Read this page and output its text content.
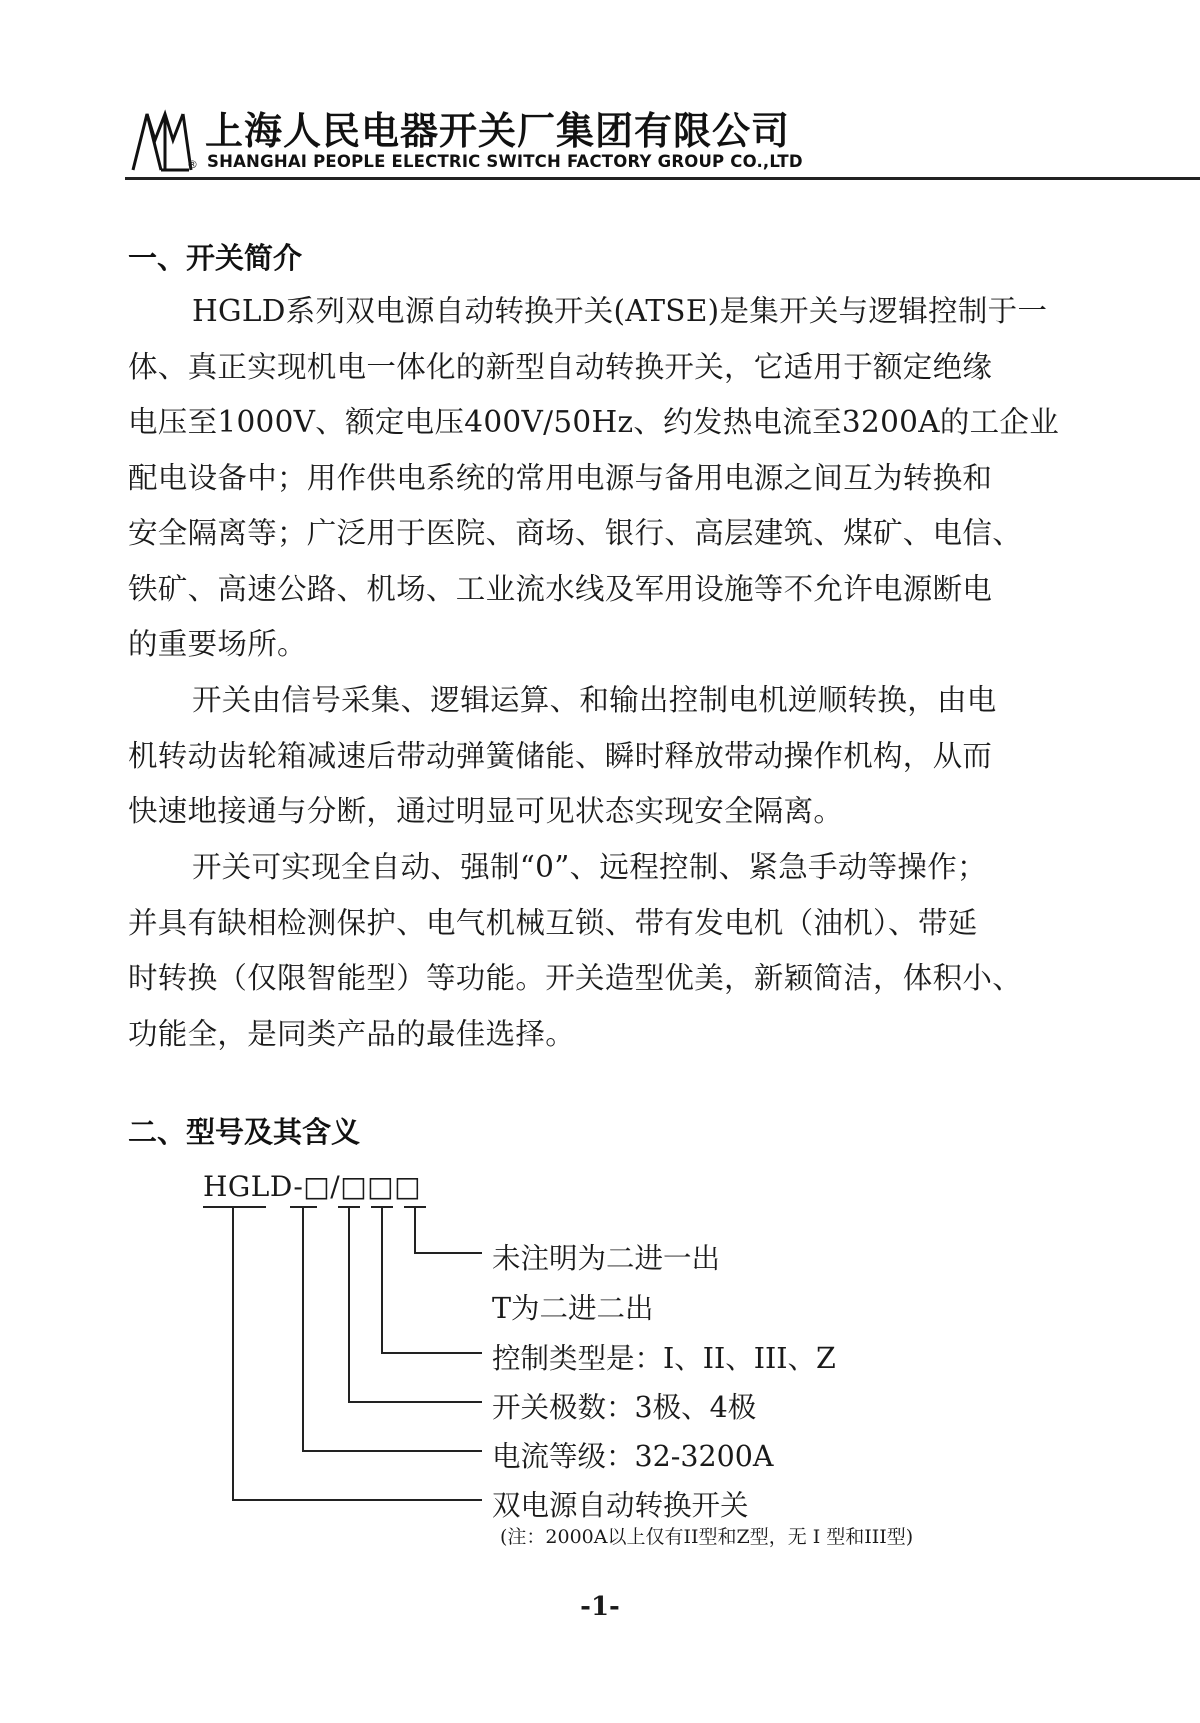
®
上海人民电器开关厂集团有限公司
SHANGHAI PEOPLE ELECTRIC SWITCH FACTORY GROUP CO.,LTD
一、开关简介
HGLD系列双电源自动转换开关(ATSE)是集开关与逻辑控制于一
体、真正实现机电一体化的新型自动转换开关，它适用于额定绝缘
电压至1000V、额定电压400V/50Hz、约发热电流至3200A的工企业
配电设备中；用作供电系统的常用电源与备用电源之间互为转换和
安全隔离等；广泛用于医院、商场、银行、高层建筑、煤矿、电信、
铁矿、高速公路、机场、工业流水线及军用设施等不允许电源断电
的重要场所。
开关由信号采集、逻辑运算、和输出控制电机逆顺转换，由电
机转动齿轮箱减速后带动弹簧储能、瞬时释放带动操作机构，从而
快速地接通与分断，通过明显可见状态实现安全隔离。
开关可实现全自动、强制“0”、远程控制、紧急手动等操作；
并具有缺相检测保护、电气机械互锁、带有发电机（油机）、带延
时转换（仅限智能型）等功能。开关造型优美，新颖简洁，体积小、
功能全，是同类产品的最佳选择。
二、型号及其含义
HGLD-□/□□□
未注明为二进一出
T为二进二出
控制类型是：I、II、III、Z
开关极数：3极、4极
电流等级：32-3200A
双电源自动转换开关
(注：2000A以上仅有II型和Z型，无 I 型和III型)
-1-
